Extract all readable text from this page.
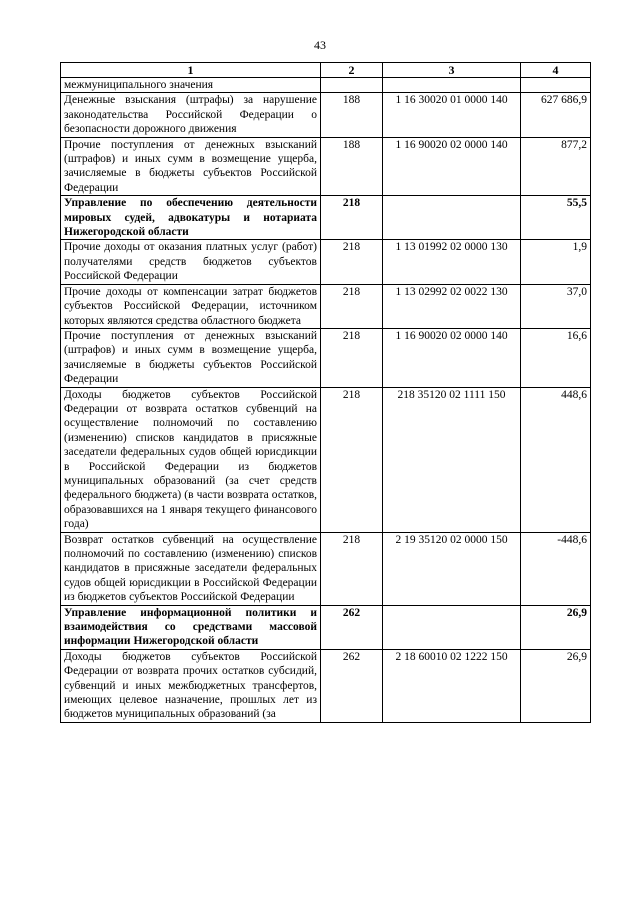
43
1	2	3	4
межмуниципального значения			
Денежные взыскания (штрафы) за нарушение законодательства Российской Федерации о безопасности дорожного движения	188	1 16 30020 01 0000 140	627 686,9
Прочие поступления от денежных взысканий (штрафов) и иных сумм в возмещение ущерба, зачисляемые в бюджеты субъектов Российской Федерации	188	1 16 90020 02 0000 140	877,2
Управление по обеспечению деятельности мировых судей, адвокатуры и нотариата Нижегородской области	218		55,5
Прочие доходы от оказания платных услуг (работ) получателями средств бюджетов субъектов Российской Федерации	218	1 13 01992 02 0000 130	1,9
Прочие доходы от компенсации затрат бюджетов субъектов Российской Федерации, источником которых являются средства областного бюджета	218	1 13 02992 02 0022 130	37,0
Прочие поступления от денежных взысканий (штрафов) и иных сумм в возмещение ущерба, зачисляемые в бюджеты субъектов Российской Федерации	218	1 16 90020 02 0000 140	16,6
Доходы бюджетов субъектов Российской Федерации от возврата остатков субвенций на осуществление полномочий по составлению (изменению) списков кандидатов в присяжные заседатели федеральных судов общей юрисдикции в Российской Федерации из бюджетов муниципальных образований (за счет средств федерального бюджета) (в части возврата остатков, образовавшихся на 1 января текущего финансового года)	218	218 35120 02 1111 150	448,6
Возврат остатков субвенций на осуществление полномочий по составлению (изменению) списков кандидатов в присяжные заседатели федеральных судов общей юрисдикции в Российской Федерации из бюджетов субъектов Российской Федерации	218	2 19 35120 02 0000 150	-448,6
Управление информационной политики и взаимодействия со средствами массовой информации Нижегородской области	262		26,9
Доходы бюджетов субъектов Российской Федерации от возврата прочих остатков субсидий, субвенций и иных межбюджетных трансфертов, имеющих целевое назначение, прошлых лет из бюджетов муниципальных образований (за	262	2 18 60010 02 1222 150	26,9
